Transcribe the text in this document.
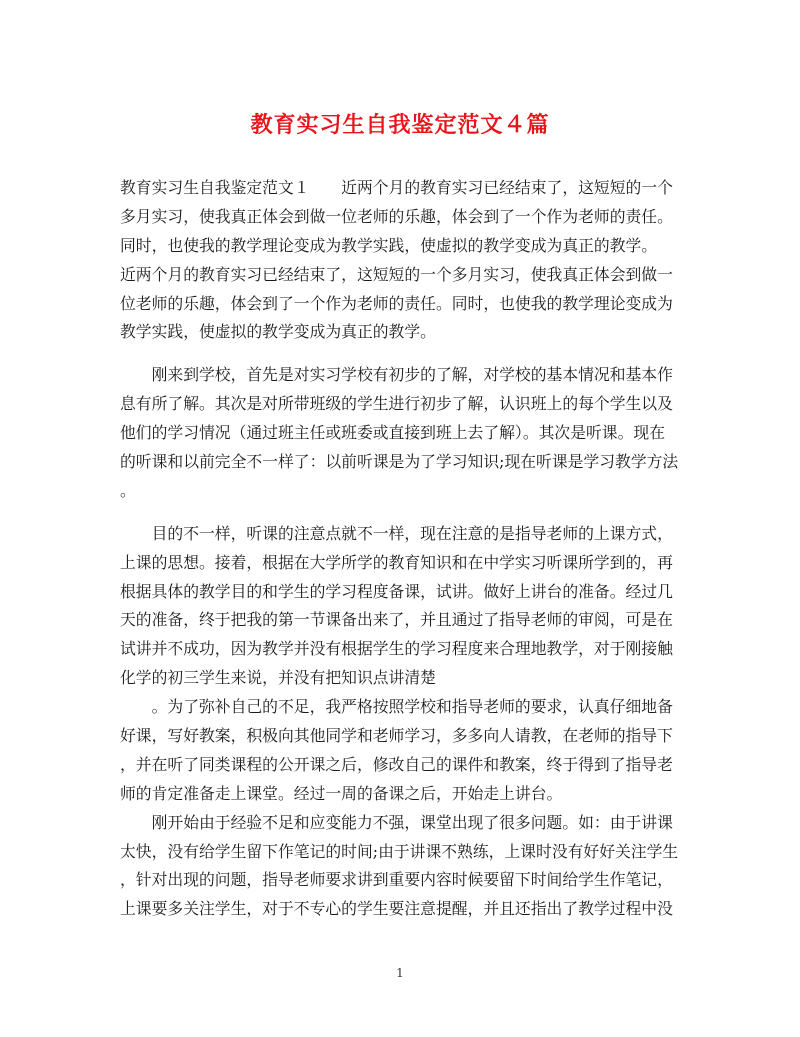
教育实习生自我鉴定范文４篇
教育实习生自我鉴定范文１　　近两个月的教育实习已经结束了，这短短的一个
多月实习，使我真正体会到做一位老师的乐趣，体会到了一个作为老师的责任。
同时，也使我的教学理论变成为教学实践，使虚拟的教学变成为真正的教学。
近两个月的教育实习已经结束了，这短短的一个多月实习，使我真正体会到做一
位老师的乐趣，体会到了一个作为老师的责任。同时，也使我的教学理论变成为
教学实践，使虚拟的教学变成为真正的教学。
　　刚来到学校，首先是对实习学校有初步的了解，对学校的基本情况和基本作
息有所了解。其次是对所带班级的学生进行初步了解，认识班上的每个学生以及
他们的学习情况（通过班主任或班委或直接到班上去了解）。其次是听课。现在
的听课和以前完全不一样了：以前听课是为了学习知识;现在听课是学习教学方法
。
　　目的不一样，听课的注意点就不一样，现在注意的是指导老师的上课方式，
上课的思想。接着，根据在大学所学的教育知识和在中学实习听课所学到的，再
根据具体的教学目的和学生的学习程度备课，试讲。做好上讲台的准备。经过几
天的准备，终于把我的第一节课备出来了，并且通过了指导老师的审阅，可是在
试讲并不成功，因为教学并没有根据学生的学习程度来合理地教学，对于刚接触
化学的初三学生来说，并没有把知识点讲清楚
　　。为了弥补自己的不足，我严格按照学校和指导老师的要求，认真仔细地备
好课，写好教案，积极向其他同学和老师学习，多多向人请教，在老师的指导下
，并在听了同类课程的公开课之后，修改自己的课件和教案，终于得到了指导老
师的肯定准备走上课堂。经过一周的备课之后，开始走上讲台。
　　刚开始由于经验不足和应变能力不强，课堂出现了很多问题。如：由于讲课
太快，没有给学生留下作笔记的时间;由于讲课不熟练，上课时没有好好关注学生
，针对出现的问题，指导老师要求讲到重要内容时候要留下时间给学生作笔记，
上课要多关注学生，对于不专心的学生要注意提醒，并且还指出了教学过程中没
1
